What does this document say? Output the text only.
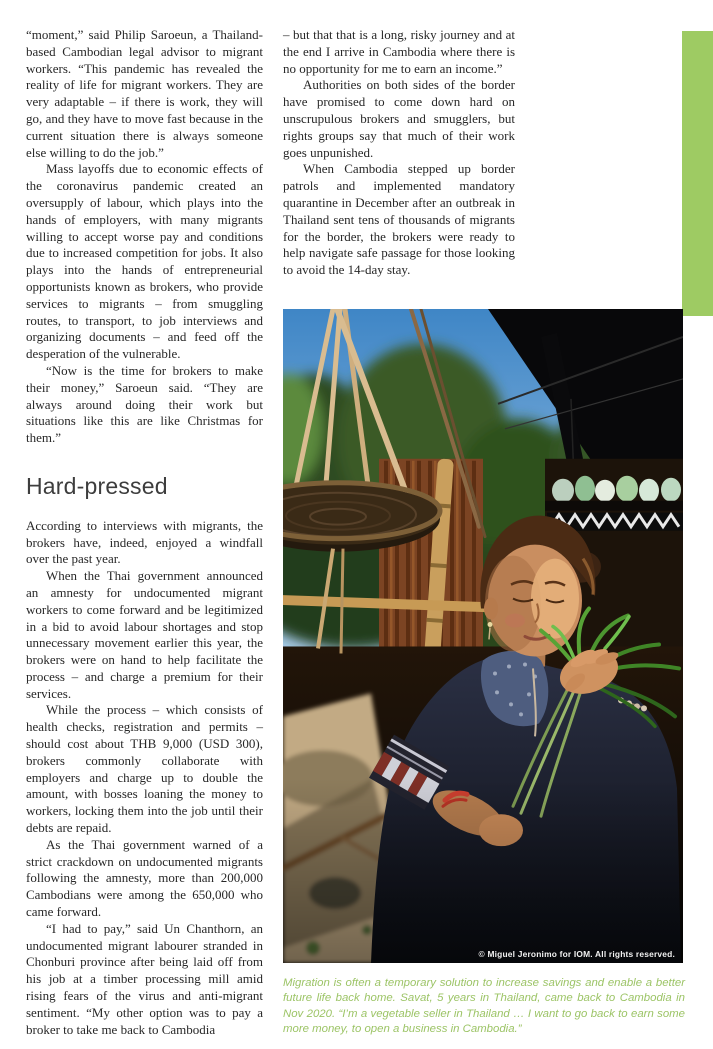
“moment,” said Philip Saroeun, a Thailand-based Cambodian legal advisor to migrant workers. “This pandemic has revealed the reality of life for migrant workers. They are very adaptable – if there is work, they will go, and they have to move fast because in the current situation there is always someone else willing to do the job.”

Mass layoffs due to economic effects of the coronavirus pandemic created an oversupply of labour, which plays into the hands of employers, with many migrants willing to accept worse pay and conditions due to increased competition for jobs. It also plays into the hands of entrepreneurial opportunists known as brokers, who provide services to migrants – from smuggling routes, to transport, to job interviews and organizing documents – and feed off the desperation of the vulnerable.

“Now is the time for brokers to make their money,” Saroeun said. “They are always around doing their work but situations like this are like Christmas for them.”

Hard-pressed

According to interviews with migrants, the brokers have, indeed, enjoyed a windfall over the past year.

When the Thai government announced an amnesty for undocumented migrant workers to come forward and be legitimized in a bid to avoid labour shortages and stop unnecessary movement earlier this year, the brokers were on hand to help facilitate the process – and charge a premium for their services.

While the process – which consists of health checks, registration and permits – should cost about THB 9,000 (USD 300), brokers commonly collaborate with employers and charge up to double the amount, with bosses loaning the money to workers, locking them into the job until their debts are repaid.

As the Thai government warned of a strict crackdown on undocumented migrants following the amnesty, more than 200,000 Cambodians were among the 650,000 who came forward.

“I had to pay,” said Un Chanthorn, an undocumented migrant labourer stranded in Chonburi province after being laid off from his job at a timber processing mill amid rising fears of the virus and anti-migrant sentiment. “My other option was to pay a broker to take me back to Cambodia

– but that that is a long, risky journey and at the end I arrive in Cambodia where there is no opportunity for me to earn an income.”

Authorities on both sides of the border have promised to come down hard on unscrupulous brokers and smugglers, but rights groups say that much of their work goes unpunished.

When Cambodia stepped up border patrols and implemented mandatory quarantine in December after an outbreak in Thailand sent tens of thousands of migrants for the border, the brokers were ready to help navigate safe passage for those looking to avoid the 14-day stay.

© Miguel Jeronimo for IOM. All rights reserved.
Migration is often a temporary solution to increase savings and enable a better future life back home. Savat, 5 years in Thailand, came back to Cambodia in Nov 2020. “I’m a vegetable seller in Thailand … I want to go back to earn some more money, to open a business in Cambodia.”
